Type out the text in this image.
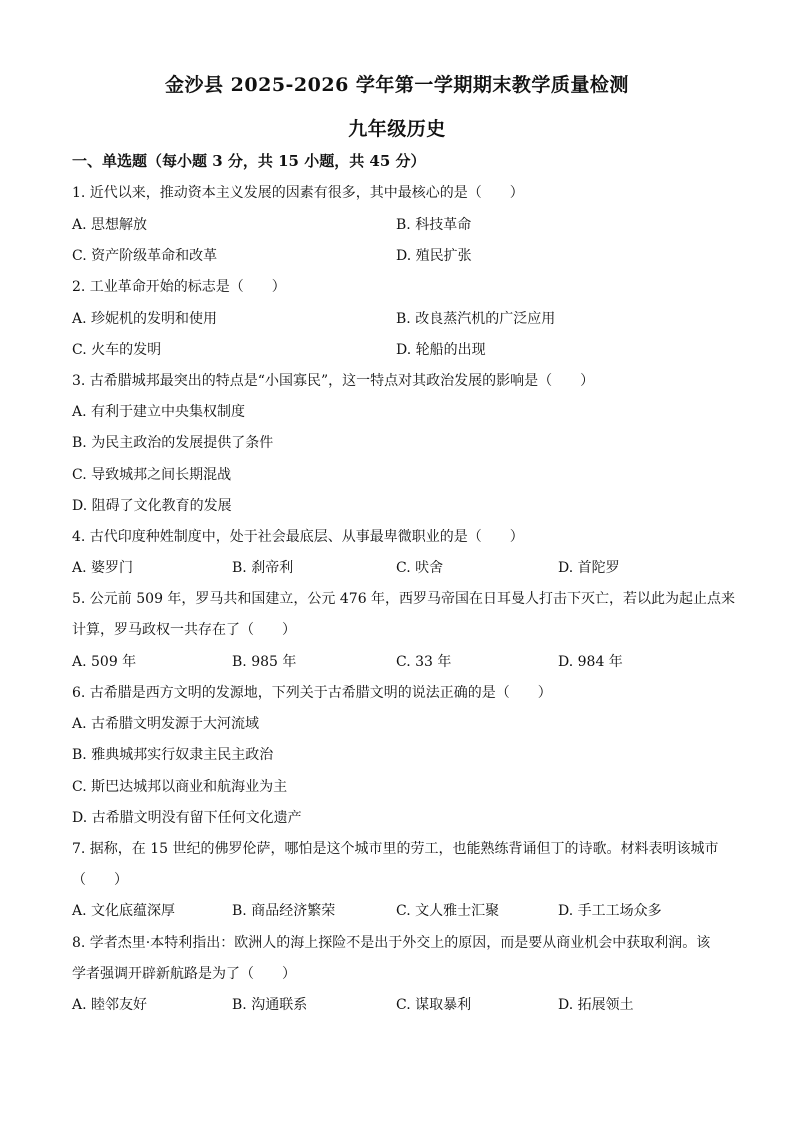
金沙县 2025-2026 学年第一学期期末教学质量检测
九年级历史
一、单选题（每小题 3 分，共 15 小题，共 45 分）
1. 近代以来，推动资本主义发展的因素有很多，其中最核心的是（　　）
A. 思想解放	B. 科技革命
C. 资产阶级革命和改革	D. 殖民扩张
2. 工业革命开始的标志是（　　）
A. 珍妮机的发明和使用	B. 改良蒸汽机的广泛应用
C. 火车的发明	D. 轮船的出现
3. 古希腊城邦最突出的特点是“小国寡民”，这一特点对其政治发展的影响是（　　）
A. 有利于建立中央集权制度
B. 为民主政治的发展提供了条件
C. 导致城邦之间长期混战
D. 阻碍了文化教育的发展
4. 古代印度种姓制度中，处于社会最底层、从事最卑微职业的是（　　）
A. 婆罗门	B. 刹帝利	C. 吠舍	D. 首陀罗
5. 公元前 509 年，罗马共和国建立，公元 476 年，西罗马帝国在日耳曼人打击下灭亡，若以此为起止点来
计算，罗马政权一共存在了（　　）
A. 509 年	B. 985 年	C. 33 年	D. 984 年
6. 古希腊是西方文明的发源地，下列关于古希腊文明的说法正确的是（　　）
A. 古希腊文明发源于大河流域
B. 雅典城邦实行奴隶主民主政治
C. 斯巴达城邦以商业和航海业为主
D. 古希腊文明没有留下任何文化遗产
7. 据称，在 15 世纪的佛罗伦萨，哪怕是这个城市里的劳工，也能熟练背诵但丁的诗歌。材料表明该城市
（　　）
A. 文化底蕴深厚	B. 商品经济繁荣	C. 文人雅士汇聚	D. 手工工场众多
8. 学者杰里·本特利指出：欧洲人的海上探险不是出于外交上的原因，而是要从商业机会中获取利润。该
学者强调开辟新航路是为了（　　）
A. 睦邻友好	B. 沟通联系	C. 谋取暴利	D. 拓展领土
